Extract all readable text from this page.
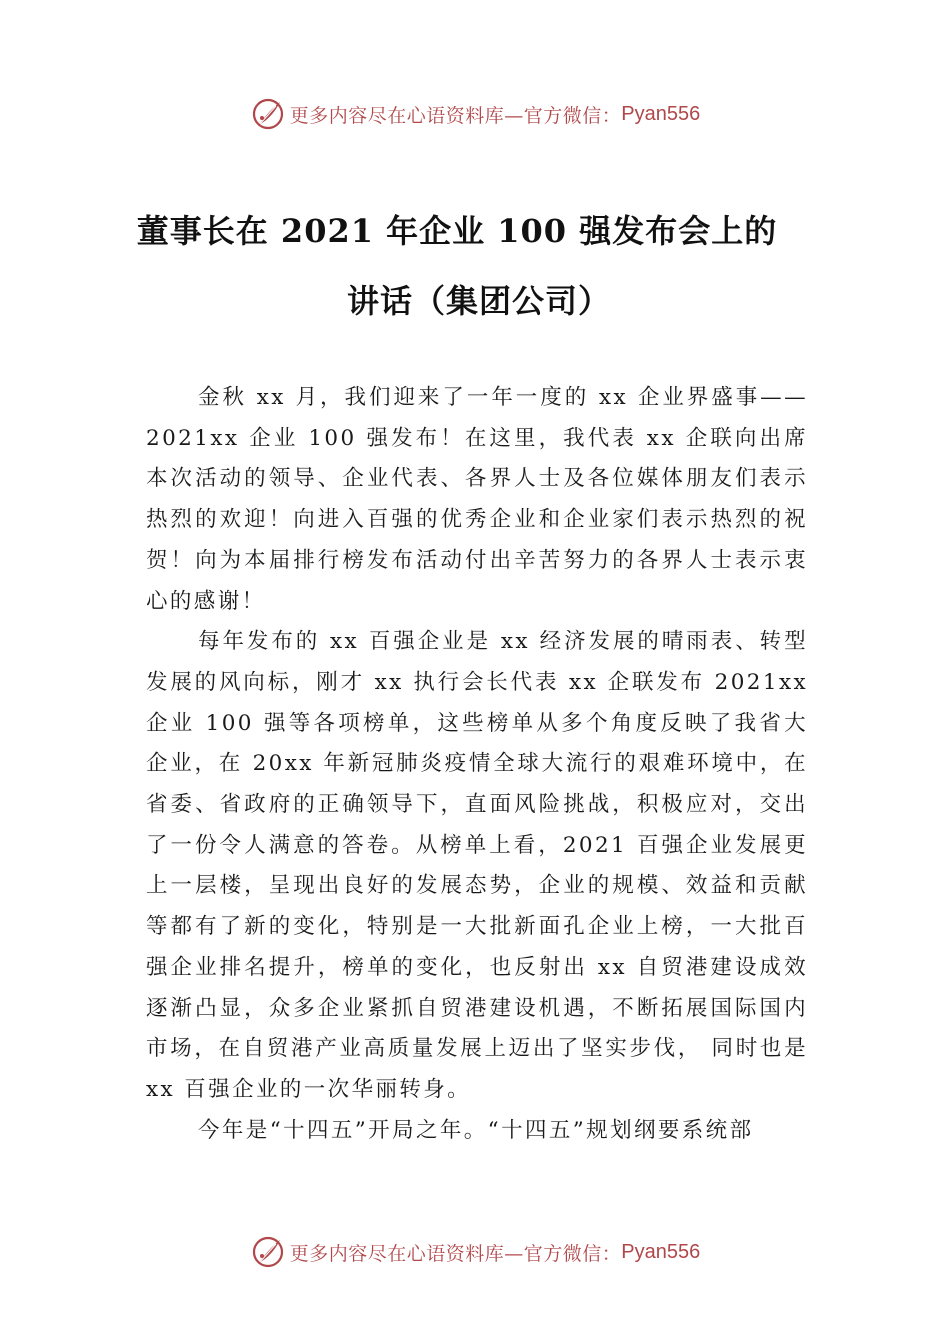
更多内容尽在心语资料库—官方微信： Pyan556
董事长在 2021 年企业 100 强发布会上的
讲话（集团公司）

金秋 xx 月，我们迎来了一年一度的 xx 企业界盛事——2021xx 企业 100 强发布！在这里，我代表 xx 企联向出席本次活动的领导、企业代表、各界人士及各位媒体朋友们表示热烈的欢迎！向进入百强的优秀企业和企业家们表示热烈的祝贺！向为本届排行榜发布活动付出辛苦努力的各界人士表示衷心的感谢！

每年发布的 xx 百强企业是 xx 经济发展的晴雨表、转型发展的风向标，刚才 xx 执行会长代表 xx 企联发布 2021xx 企业 100 强等各项榜单，这些榜单从多个角度反映了我省大企业，在 20xx 年新冠肺炎疫情全球大流行的艰难环境中，在省委、省政府的正确领导下，直面风险挑战，积极应对，交出了一份令人满意的答卷。从榜单上看，2021 百强企业发展更上一层楼，呈现出良好的发展态势，企业的规模、效益和贡献等都有了新的变化，特别是一大批新面孔企业上榜，一大批百强企业排名提升，榜单的变化，也反射出 xx 自贸港建设成效逐渐凸显，众多企业紧抓自贸港建设机遇，不断拓展国际国内市场，在自贸港产业高质量发展上迈出了坚实步伐， 同时也是 xx 百强企业的一次华丽转身。

今年是“十四五”开局之年。“十四五”规划纲要系统部

更多内容尽在心语资料库—官方微信： Pyan556
